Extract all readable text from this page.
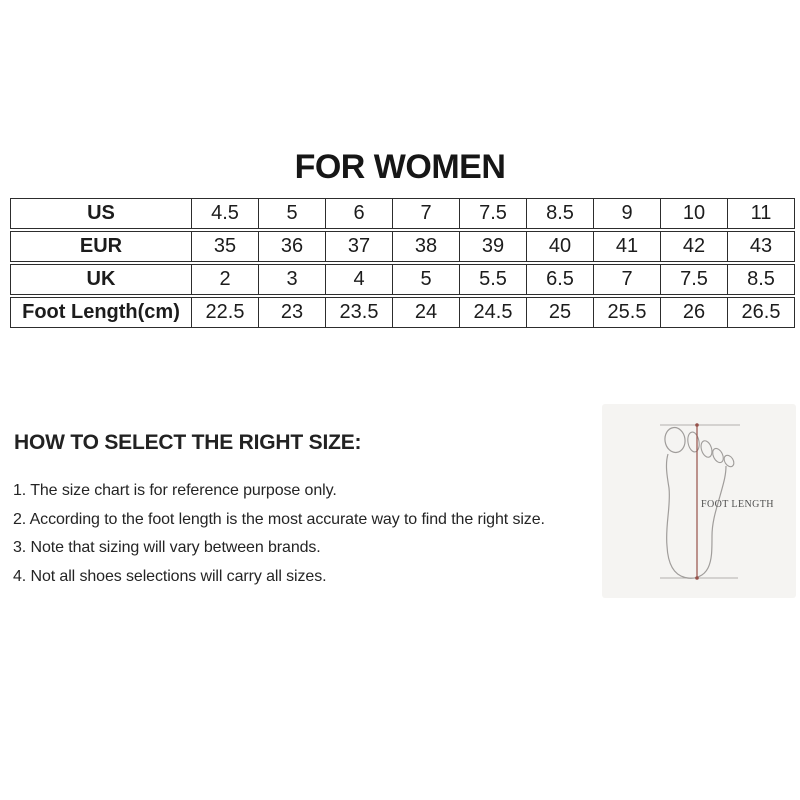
FOR WOMEN
US	4.5	5	6	7	7.5	8.5	9	10	11
EUR	35	36	37	38	39	40	41	42	43
UK	2	3	4	5	5.5	6.5	7	7.5	8.5
Foot Length(cm)	22.5	23	23.5	24	24.5	25	25.5	26	26.5
HOW TO SELECT THE RIGHT SIZE:
1. The size chart is for reference purpose only.
2. According to the foot length is the most accurate way to find the right size.
3. Note that sizing will vary between brands.
4. Not all shoes selections will carry all sizes.
FOOT LENGTH
